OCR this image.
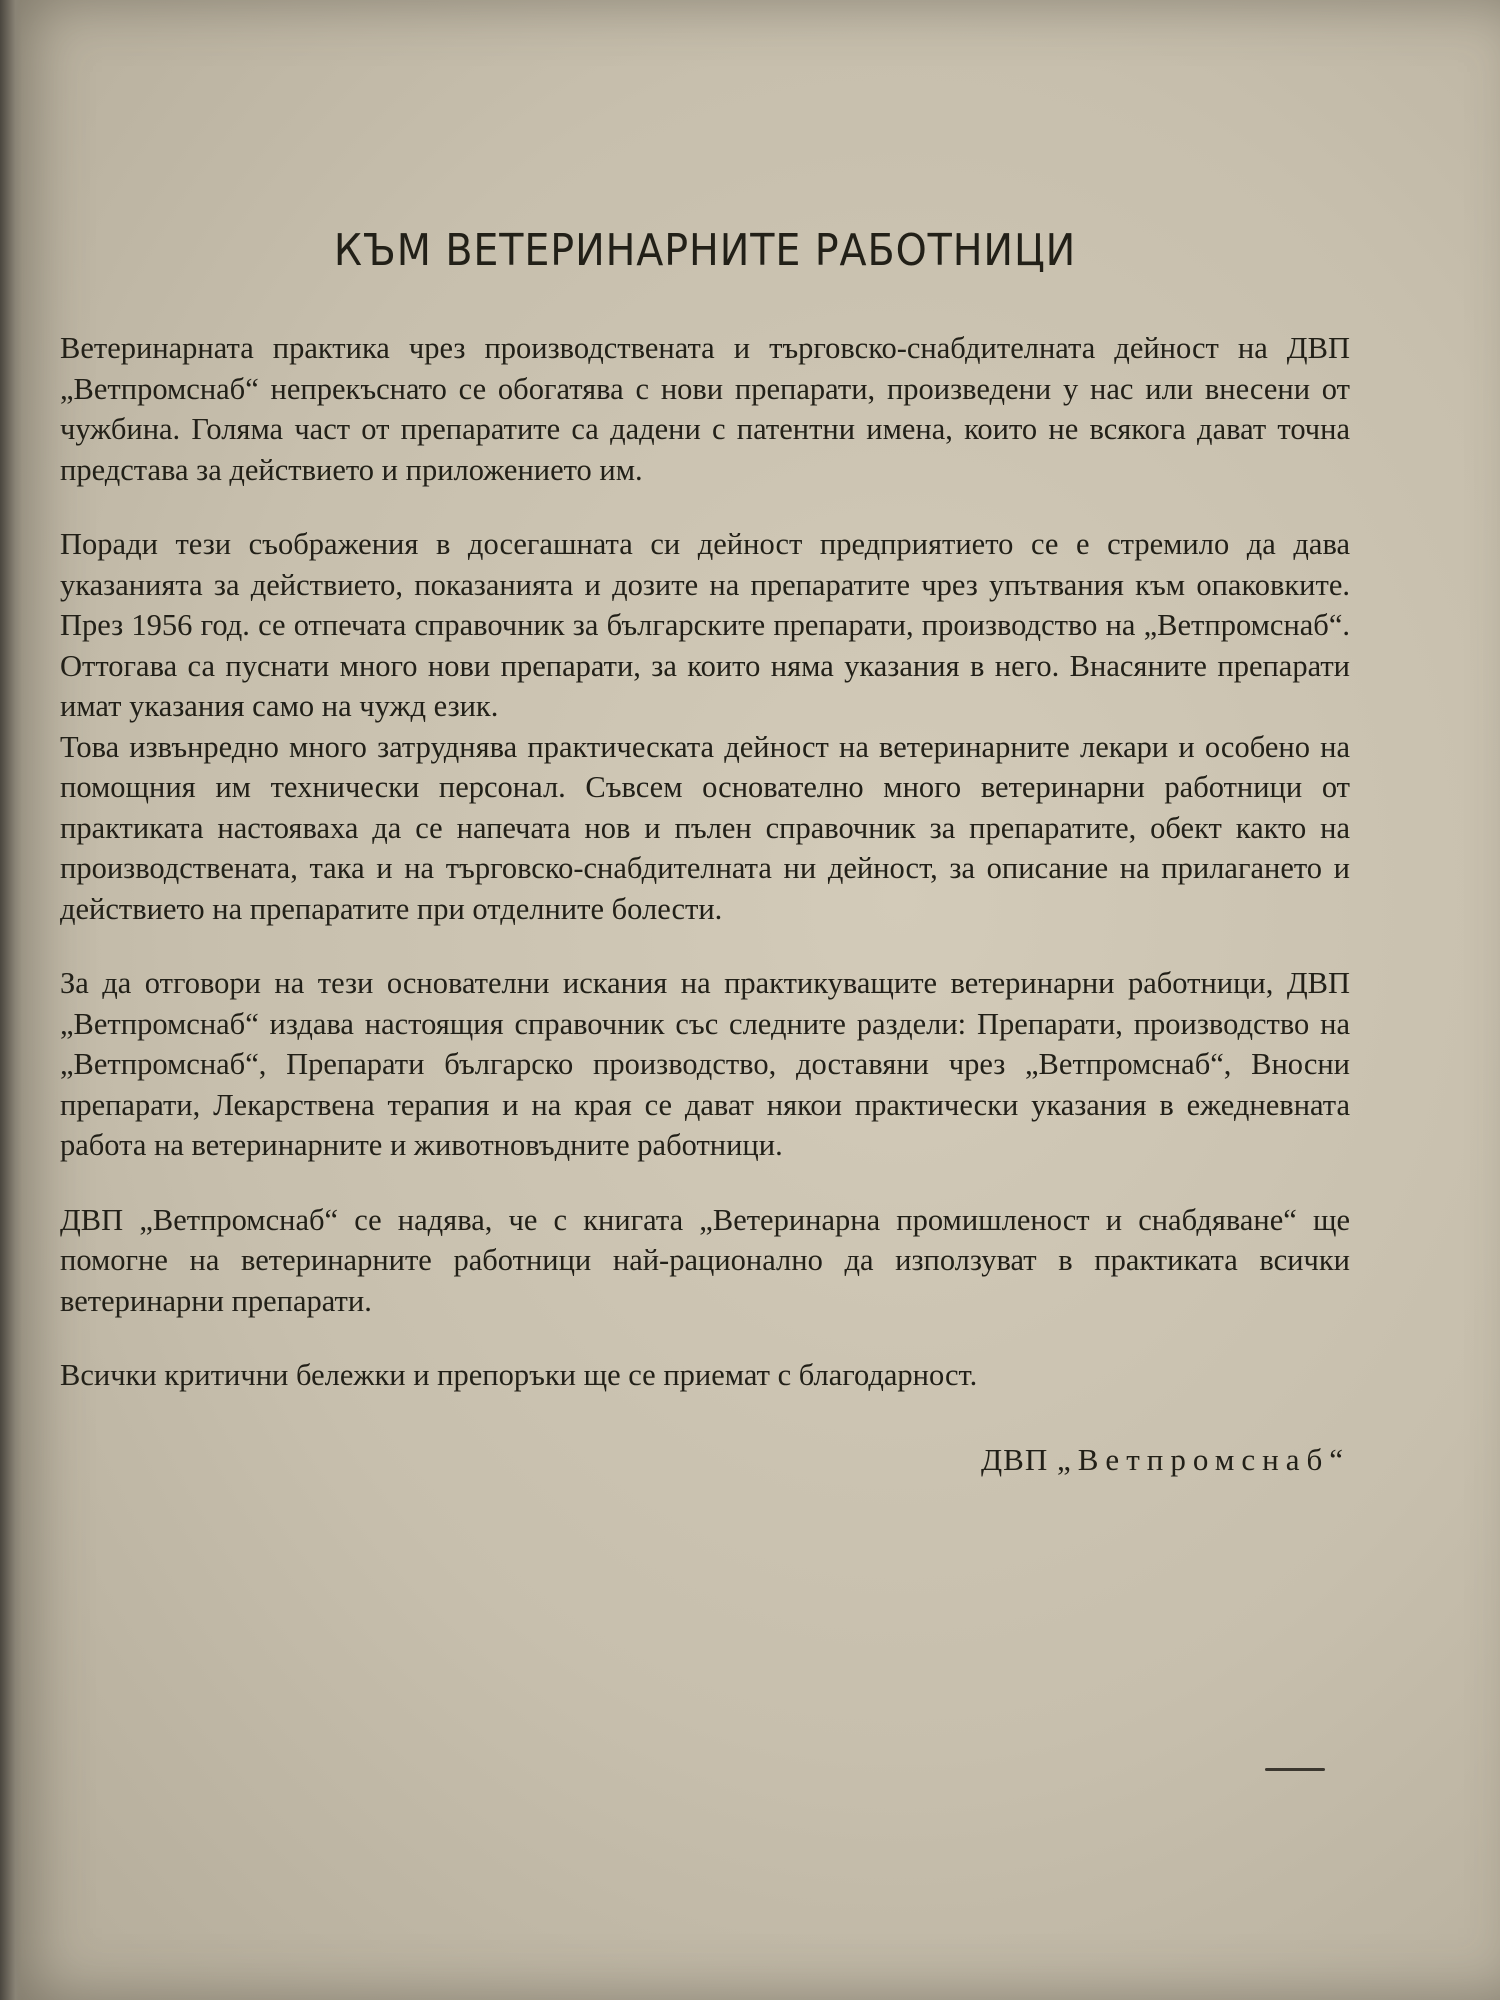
КЪМ ВЕТЕРИНАРНИТЕ РАБОТНИЦИ

Ветеринарната практика чрез производствената и търговско-снабдителната дейност на ДВП „Ветпромснаб“ непрекъснато се обогатява с нови препарати, произведени у нас или внесени от чужбина. Голяма част от препаратите са дадени с патентни имена, които не всякога дават точна представа за действието и приложението им.

Поради тези съображения в досегашната си дейност предприятието се е стремило да дава указанията за действието, показанията и дозите на препаратите чрез упътвания към опаковките. През 1956 год. се отпечата справочник за българските препарати, производство на „Ветпромснаб“. Оттогава са пуснати много нови препарати, за които няма указания в него. Внасяните препарати имат указания само на чужд език.

Това извънредно много затруднява практическата дейност на ветеринарните лекари и особено на помощния им технически персонал. Съвсем основателно много ветеринарни работници от практиката настояваха да се напечата нов и пълен справочник за препаратите, обект както на производствената, така и на търговско-снабдителната ни дейност, за описание на прилагането и действието на препаратите при отделните болести.

За да отговори на тези основателни искания на практикуващите ветеринарни работници, ДВП „Ветпромснаб“ издава настоящия справочник със следните раздели: Препарати, производство на „Ветпромснаб“, Препарати българско производство, доставяни чрез „Ветпромснаб“, Вносни препарати, Лекарствена терапия и на края се дават някои практически указания в ежедневната работа на ветеринарните и животновъдните работници.

ДВП „Ветпромснаб“ се надява, че с книгата „Ветеринарна промишленост и снабдяване“ ще помогне на ветеринарните работници най-рационално да използуват в практиката всички ветеринарни препарати.

Всички критични бележки и препоръки ще се приемат с благодарност.

ДВП „Ветпромснаб“
